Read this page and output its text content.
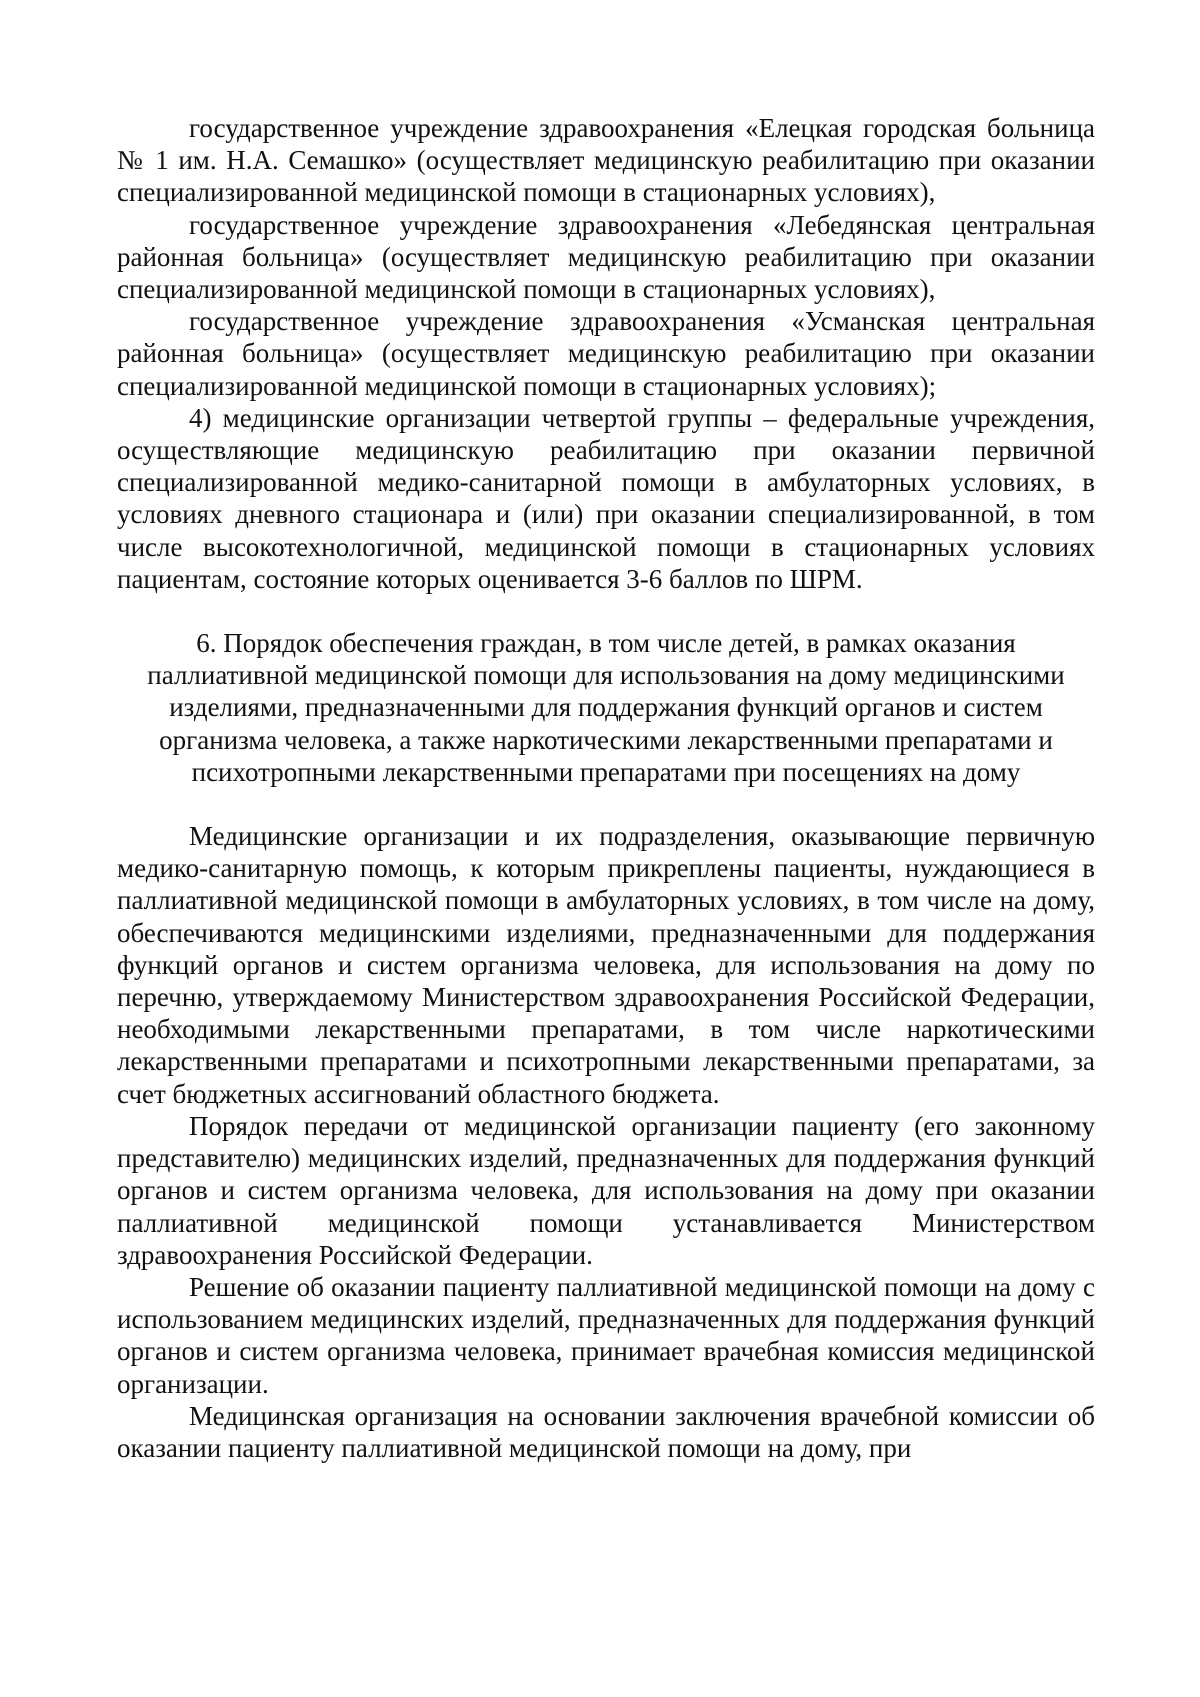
государственное учреждение здравоохранения «Елецкая городская больница № 1 им. Н.А. Семашко» (осуществляет медицинскую реабилитацию при оказании специализированной медицинской помощи в стационарных условиях),

государственное учреждение здравоохранения «Лебедянская центральная районная больница» (осуществляет медицинскую реабилитацию при оказании специализированной медицинской помощи в стационарных условиях),

государственное учреждение здравоохранения «Усманская центральная районная больница» (осуществляет медицинскую реабилитацию при оказании специализированной медицинской помощи в стационарных условиях);

4) медицинские организации четвертой группы – федеральные учреждения, осуществляющие медицинскую реабилитацию при оказании первичной специализированной медико-санитарной помощи в амбулаторных условиях, в условиях дневного стационара и (или) при оказании специализированной, в том числе высокотехнологичной, медицинской помощи в стационарных условиях пациентам, состояние которых оценивается 3-6 баллов по ШРМ.

6. Порядок обеспечения граждан, в том числе детей, в рамках оказания паллиативной медицинской помощи для использования на дому медицинскими изделиями, предназначенными для поддержания функций органов и систем организма человека, а также наркотическими лекарственными препаратами и психотропными лекарственными препаратами при посещениях на дому

Медицинские организации и их подразделения, оказывающие первичную медико-санитарную помощь, к которым прикреплены пациенты, нуждающиеся в паллиативной медицинской помощи в амбулаторных условиях, в том числе на дому, обеспечиваются медицинскими изделиями, предназначенными для поддержания функций органов и систем организма человека, для использования на дому по перечню, утверждаемому Министерством здравоохранения Российской Федерации, необходимыми лекарственными препаратами, в том числе наркотическими лекарственными препаратами и психотропными лекарственными препаратами, за счет бюджетных ассигнований областного бюджета.

Порядок передачи от медицинской организации пациенту (его законному представителю) медицинских изделий, предназначенных для поддержания функций органов и систем организма человека, для использования на дому при оказании паллиативной медицинской помощи устанавливается Министерством здравоохранения Российской Федерации.

Решение об оказании пациенту паллиативной медицинской помощи на дому с использованием медицинских изделий, предназначенных для поддержания функций органов и систем организма человека, принимает врачебная комиссия медицинской организации.

Медицинская организация на основании заключения врачебной комиссии об оказании пациенту паллиативной медицинской помощи на дому, при
